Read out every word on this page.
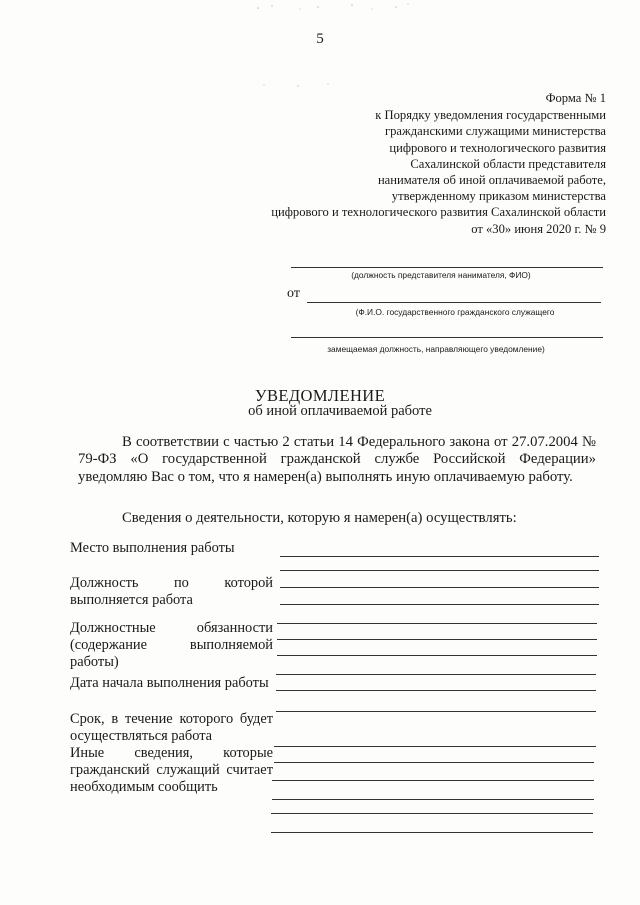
5
Форма № 1
к Порядку уведомления государственными
гражданскими служащими министерства
цифрового и технологического развития
Сахалинской области представителя
нанимателя об иной оплачиваемой работе,
утвержденному приказом министерства
цифрового и технологического развития Сахалинской области
от «30» июня 2020 г. № 9
(должность представителя нанимателя, ФИО)
от
(Ф.И.О. государственного гражданского служащего
замещаемая должность, направляющего уведомление)
УВЕДОМЛЕНИЕ
об иной оплачиваемой работе
В соответствии с частью 2 статьи 14 Федерального закона от 27.07.2004 № 79-ФЗ «О государственной гражданской службе Российской Федерации» уведомляю Вас о том, что я намерен(а) выполнять иную оплачиваемую работу.
Сведения о деятельности, которую я намерен(а) осуществлять:
Место выполнения работы
Должность по которой выполняется работа
Должностные обязанности (содержание выполняемой работы)
Дата начала выполнения работы
Срок, в течение которого будет осуществляться работа
Иные сведения, которые гражданский служащий считает необходимым сообщить
